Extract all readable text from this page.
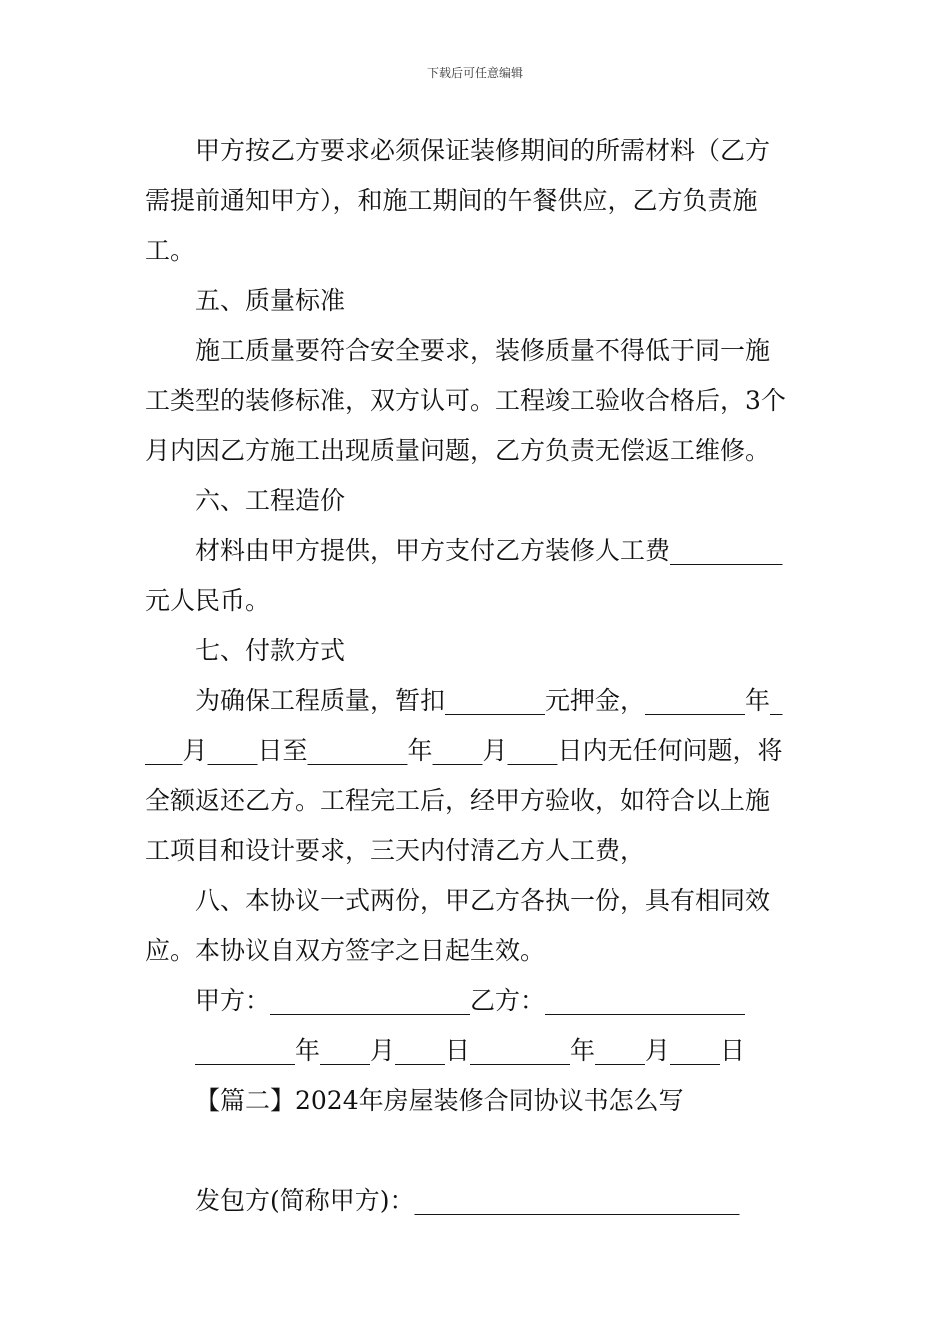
下载后可任意编辑
甲方按乙方要求必须保证装修期间的所需材料（乙方
需提前通知甲方），和施工期间的午餐供应，乙方负责施
工。
五、质量标准
施工质量要符合安全要求，装修质量不得低于同一施
工类型的装修标准，双方认可。工程竣工验收合格后，3个
月内因乙方施工出现质量问题，乙方负责无偿返工维修。
六、工程造价
材料由甲方提供，甲方支付乙方装修人工费_________
元人民币。
七、付款方式
为确保工程质量，暂扣________元押金，________年_
___月____日至________年____月____日内无任何问题，将
全额返还乙方。工程完工后，经甲方验收，如符合以上施
工项目和设计要求，三天内付清乙方人工费，
八、本协议一式两份，甲乙方各执一份，具有相同效
应。本协议自双方签字之日起生效。
甲方：________________乙方：________________
________年____月____日________年____月____日
【篇二】2024年房屋装修合同协议书怎么写
发包方(简称甲方)：__________________________
